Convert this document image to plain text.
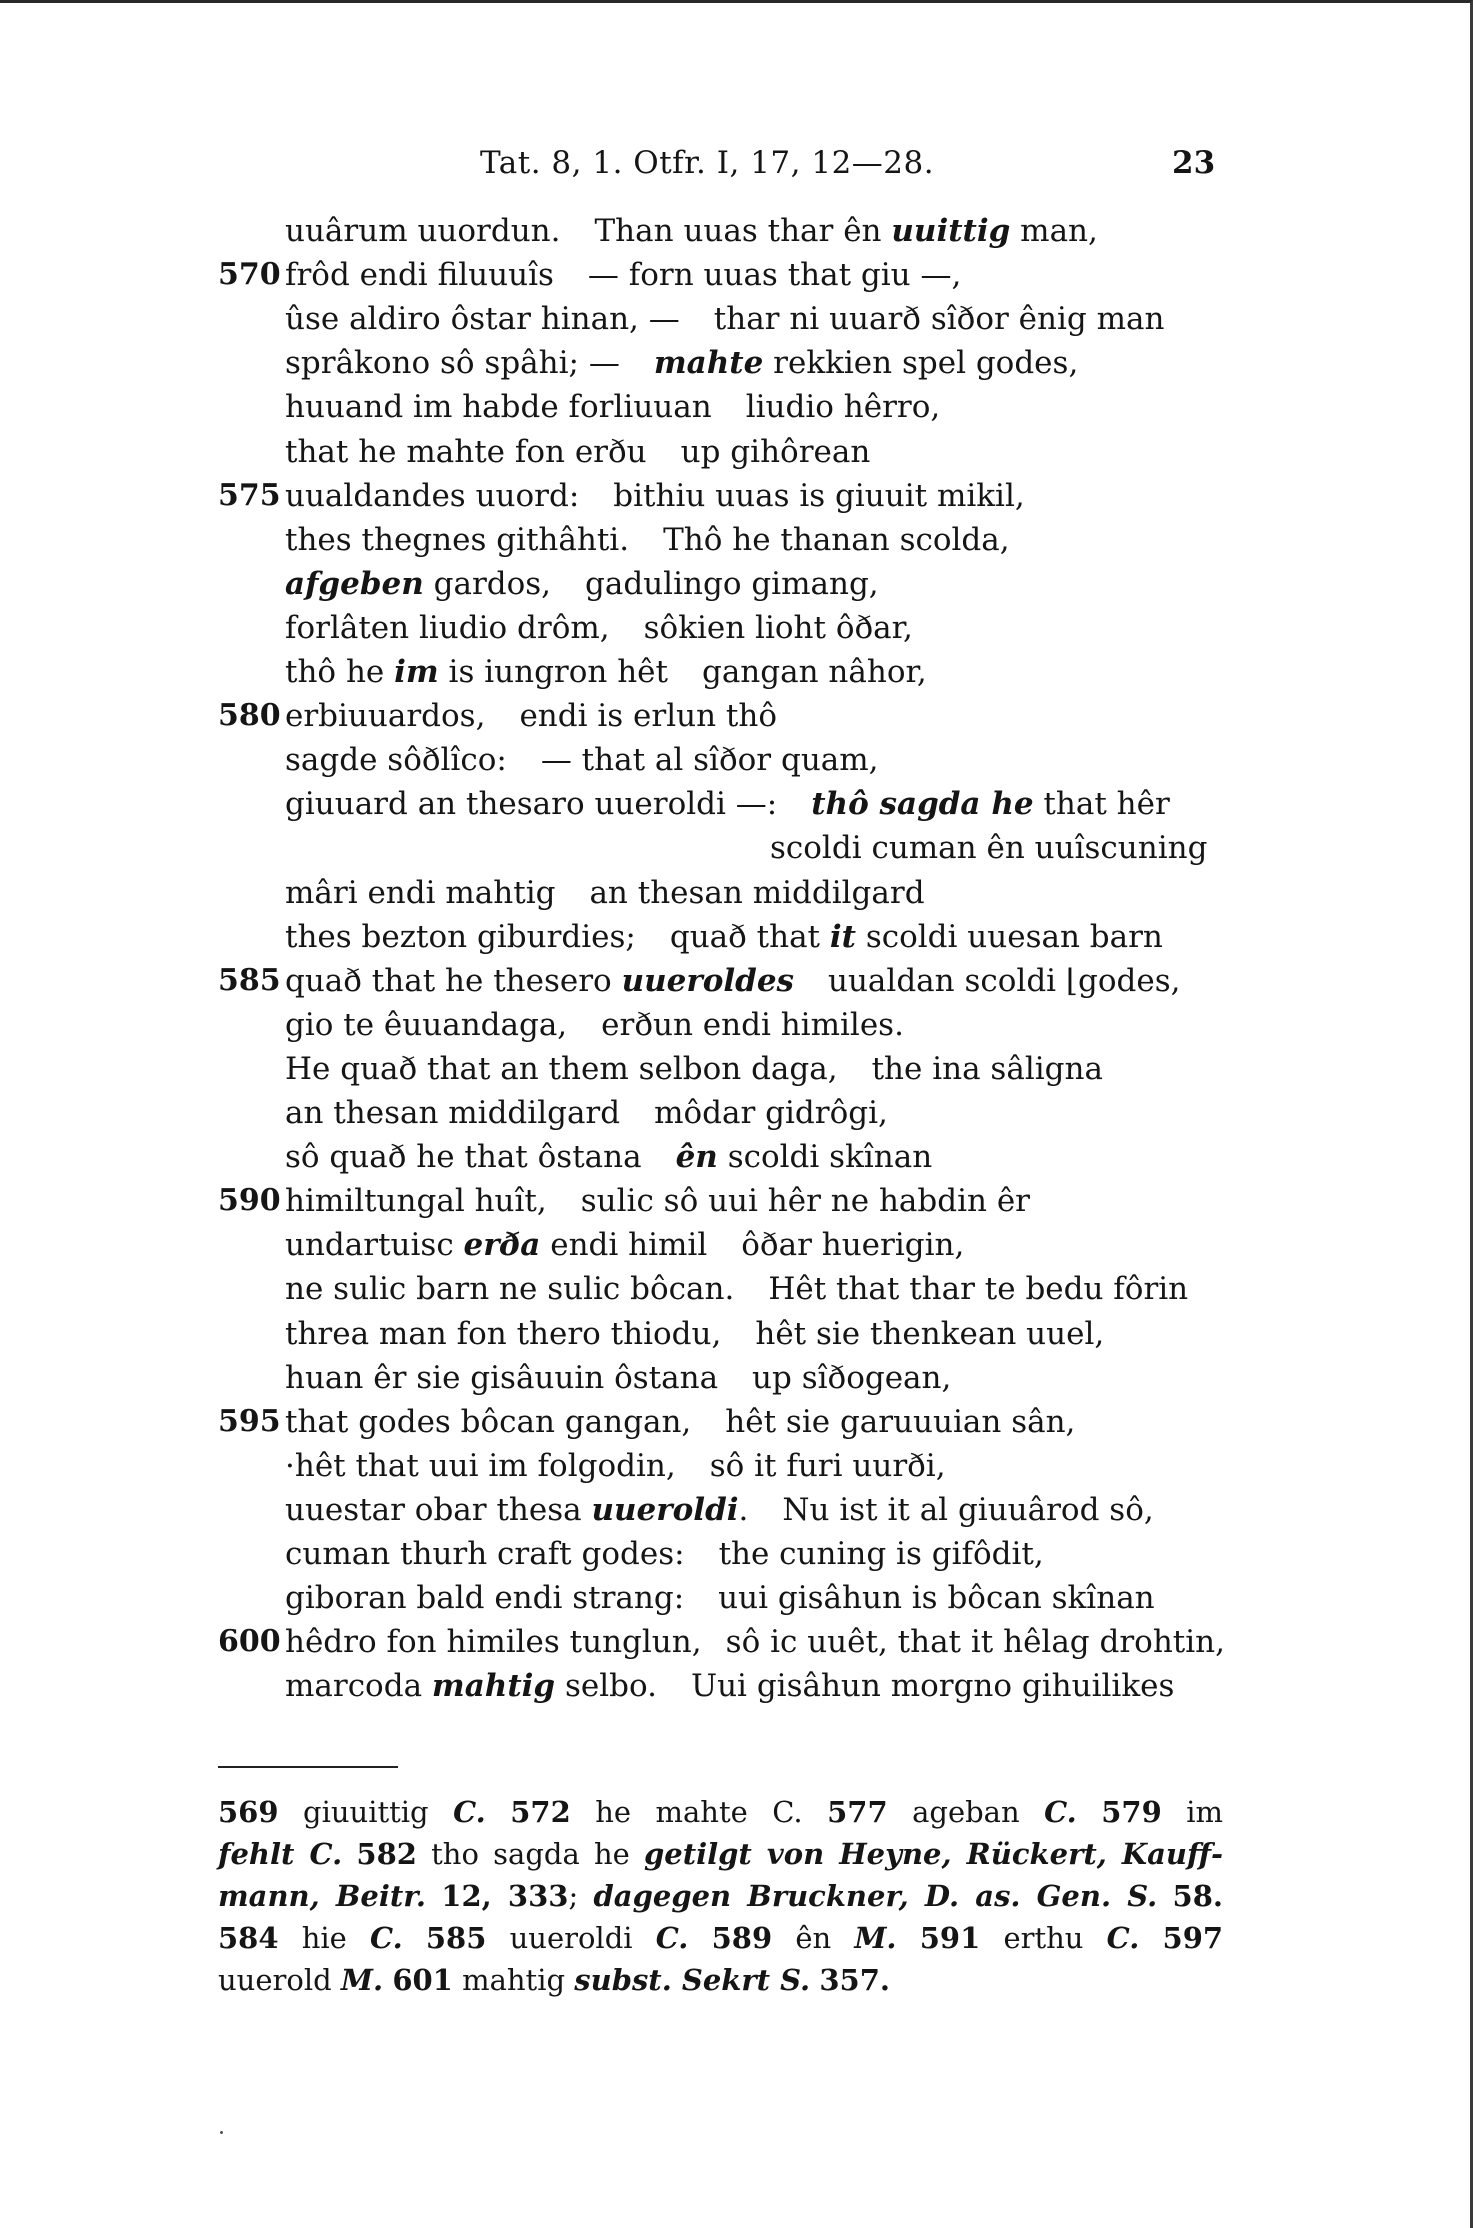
Tat. 8, 1. Otfr. I, 17, 12—28.	23
uuârum uuordun. Than uuas thar ên uuittig man,
570 frôd endi filuuuîs — forn uuas that giu —,
ûse aldiro ôstar hinan, — thar ni uuarð sîðor ênig man
sprâkono sô spâhi; — mahte rekkien spel godes,
huuand im habde forliuuan liudio hêrro,
that he mahte fon erðu up gihôrean
575 uualdandes uuord: bithiu uuas is giuuit mikil,
thes thegnes githâhti. Thô he thanan scolda,
afgeben gardos, gadulingo gimang,
forlâten liudio drôm, sôkien lioht ôðar,
thô he im is iungron hêt gangan nâhor,
580 erbiuuardos, endi is erlun thô
sagde sôðlîco: — that al sîðor quam,
giuuard an thesaro uueroldi —: thô sagda he that hêr
scoldi cuman ên uuîscuning
mâri endi mahtig an thesan middilgard
thes bezton giburdies; quað that it scoldi uuesan barn
585 quað that he thesero uueroldes uualdan scoldi ⌊godes,
gio te êuuandaga, erðun endi himiles.
He quað that an them selbon daga, the ina sâligna
an thesan middilgard môdar gidrôgi,
sô quað he that ôstana ên scoldi skînan
590 himiltungal huît, sulic sô uui hêr ne habdin êr
undartuisc erða endi himil ôðar huerigin,
ne sulic barn ne sulic bôcan. Hêt that thar te bedu fôrin
threa man fon thero thiodu, hêt sie thenkean uuel,
huan êr sie gisâuuin ôstana up sîðogean,
595 that godes bôcan gangan, hêt sie garuuuian sân,
·hêt that uui im folgodin, sô it furi uurði,
uuestar obar thesa uueroldi. Nu ist it al giuuârod sô,
cuman thurh craft godes: the cuning is gifôdit,
giboran bald endi strang: uui gisâhun is bôcan skînan
600 hêdro fon himiles tunglun, sô ic uuêt, that it hêlag drohtin,
marcoda mahtig selbo. Uui gisâhun morgno gihuilikes
569 giuuittig C. 572 he mahte C. 577 ageban C. 579 im
fehlt C. 582 tho sagda he getilgt von Heyne, Rückert, Kauff-
mann, Beitr. 12, 333; dagegen Bruckner, D. as. Gen. S. 58.
584 hie C. 585 uueroldi C. 589 ên M. 591 erthu C. 597
uuerold M. 601 mahtig subst. Sekrt S. 357.
